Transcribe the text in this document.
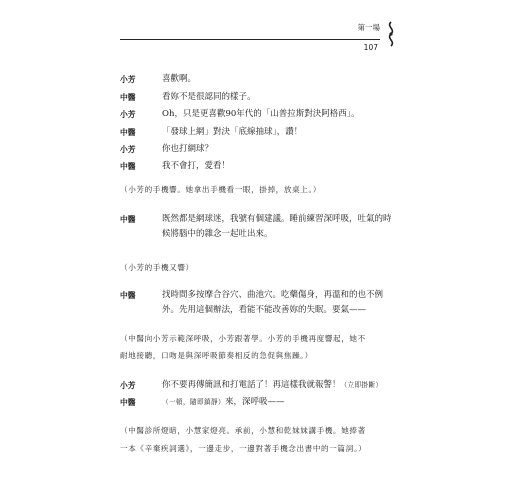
第一場
107
小芳	喜歡啊。
中醫	看妳不是很認同的樣子。
小芳	Oh，只是更喜歡90年代的「山普拉斯對決阿格西」。
中醫	「發球上網」對決「底線抽球」，讚！
小芳	你也打網球？
中醫	我不會打，愛看！
（小芳的手機響。她拿出手機看一眼，掛掉，放桌上。）
中醫	既然都是網球迷，我號有個建議。睡前練習深呼吸，吐氣的時
候將腦中的雜念一起吐出來。
（小芳的手機又響）
中醫	找時間多按摩合谷穴、曲池穴。吃藥傷身，再溫和的也不例
外。先用這個辦法，看能不能改善妳的失眠。要氣——
（中醫向小芳示範深呼吸，小芳跟著學。小芳的手機再度響起，她不
耐地接聽，口吻是與深呼吸節奏相反的急促與焦躁。）
小芳	你不要再傳簡訊和打電話了！再這樣我就報警！（立即掛斷）
中醫	（一頓，隨即鎮靜）來，深呼吸——
（中醫診所燈暗，小慧家燈亮。承前，小慧和乾妹妹講手機。她捧著
一本《辛棄疾詞選》，一邊走步，一邊對著手機念出書中的一篇詞。）
